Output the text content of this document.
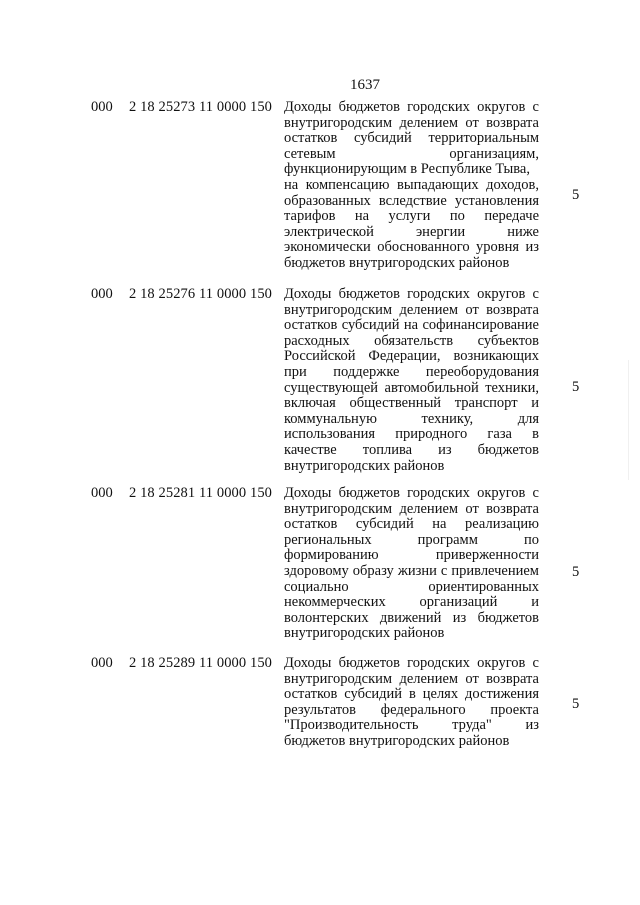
1637
000 2 18 25273 11 0000 150 Доходы бюджетов городских округов с
внутригородским делением от возврата
остатков субсидий территориальным
сетевым организациям,
функционирующим в Республике Тыва,
на компенсацию выпадающих доходов,
образованных вследствие установления
тарифов на услуги по передаче
электрической энергии ниже
экономически обоснованного уровня из
бюджетов внутригородских районов
5
000 2 18 25276 11 0000 150 Доходы бюджетов городских округов с
внутригородским делением от возврата
остатков субсидий на софинансирование
расходных обязательств субъектов
Российской Федерации, возникающих
при поддержке переоборудования
существующей автомобильной техники,
включая общественный транспорт и
коммунальную технику, для
использования природного газа в
качестве топлива из бюджетов
внутригородских районов
5
000 2 18 25281 11 0000 150 Доходы бюджетов городских округов с
внутригородским делением от возврата
остатков субсидий на реализацию
региональных программ по
формированию приверженности
здоровому образу жизни с привлечением
социально ориентированных
некоммерческих организаций и
волонтерских движений из бюджетов
внутригородских районов
5
000 2 18 25289 11 0000 150 Доходы бюджетов городских округов с
внутригородским делением от возврата
остатков субсидий в целях достижения
результатов федерального проекта
"Производительность труда" из
бюджетов внутригородских районов
5
